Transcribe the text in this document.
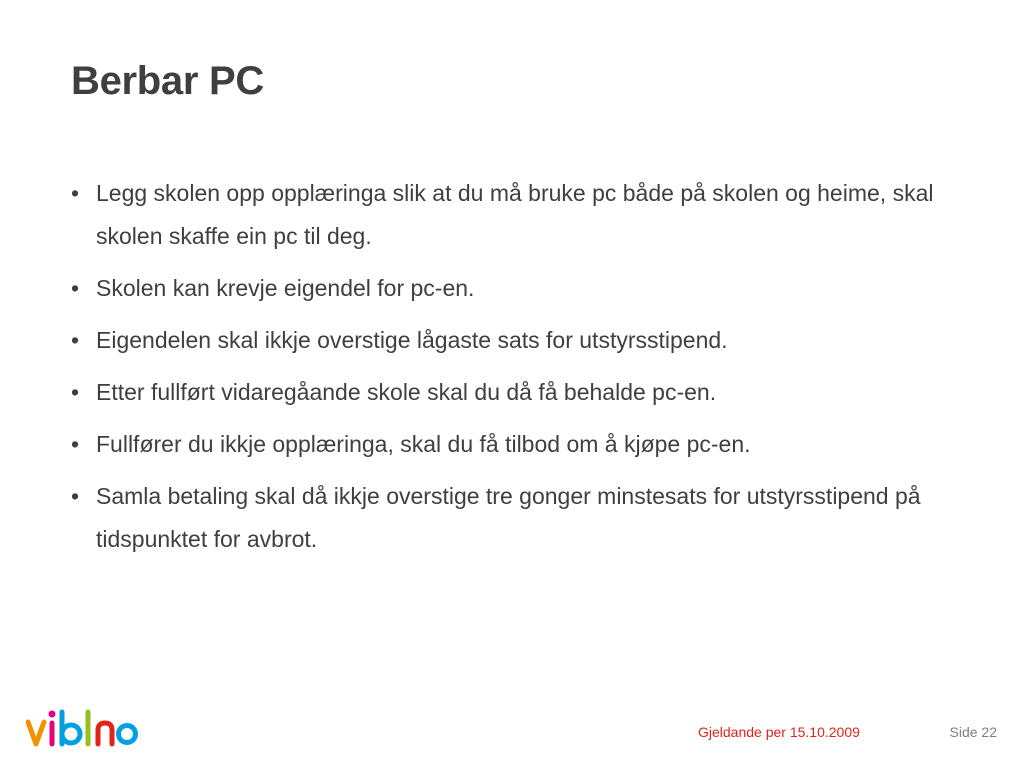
Berbar PC
• Legg skolen opp opplæringa slik at du må bruke pc både på skolen og heime, skal skolen skaffe ein pc til deg.
• Skolen kan krevje eigendel for pc-en.
• Eigendelen skal ikkje overstige lågaste sats for utstyrsstipend.
• Etter fullført vidaregåande skole skal du då få behalde pc-en.
• Fullfører du ikkje opplæringa, skal du få tilbod om å kjøpe pc-en.
• Samla betaling skal då ikkje overstige tre gonger minstesats for utstyrsstipend på tidspunktet for avbrot.
Gjeldande per 15.10.2009	Side 22
